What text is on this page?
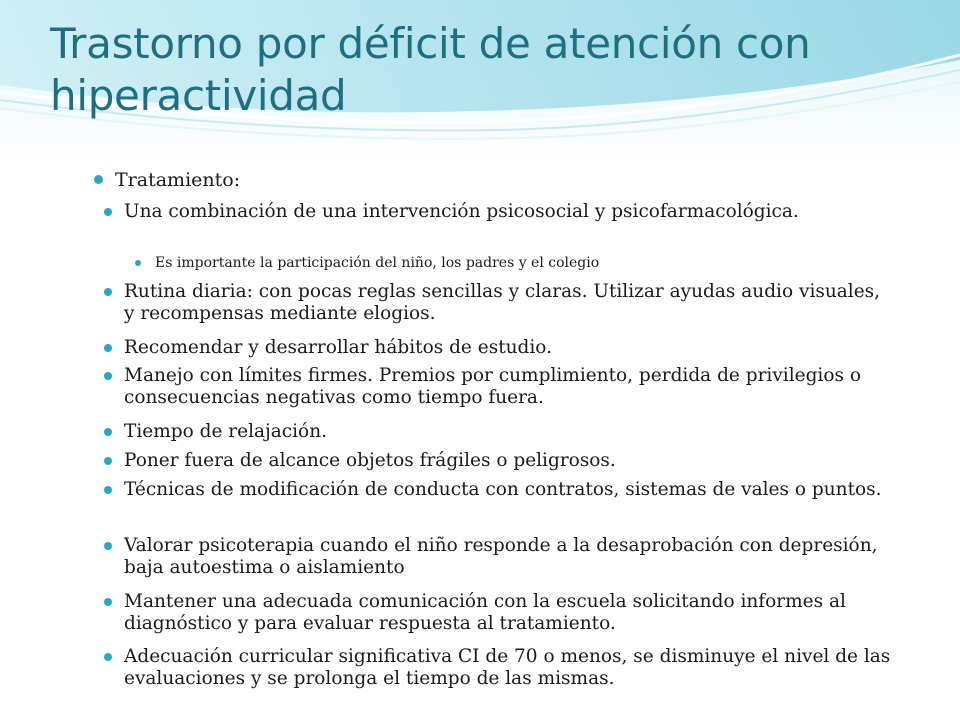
Trastorno por déficit de atención con hiperactividad
Tratamiento:
Una combinación de una intervención psicosocial y psicofarmacológica.
Es importante la participación del niño, los padres y el colegio
Rutina diaria: con pocas reglas sencillas y claras. Utilizar ayudas audio visuales, y recompensas mediante elogios.
Recomendar y desarrollar hábitos de estudio.
Manejo con límites firmes. Premios por cumplimiento, perdida de privilegios o consecuencias negativas como tiempo fuera.
Tiempo de relajación.
Poner fuera de alcance objetos frágiles o peligrosos.
Técnicas de modificación de conducta con contratos, sistemas de vales o puntos.
Valorar psicoterapia cuando el niño responde a la desaprobación con depresión, baja autoestima o aislamiento
Mantener una adecuada comunicación con la escuela solicitando informes al diagnóstico y para evaluar respuesta al tratamiento.
Adecuación curricular significativa CI de 70 o menos, se disminuye el nivel de las evaluaciones y se prolonga el tiempo de las mismas.
